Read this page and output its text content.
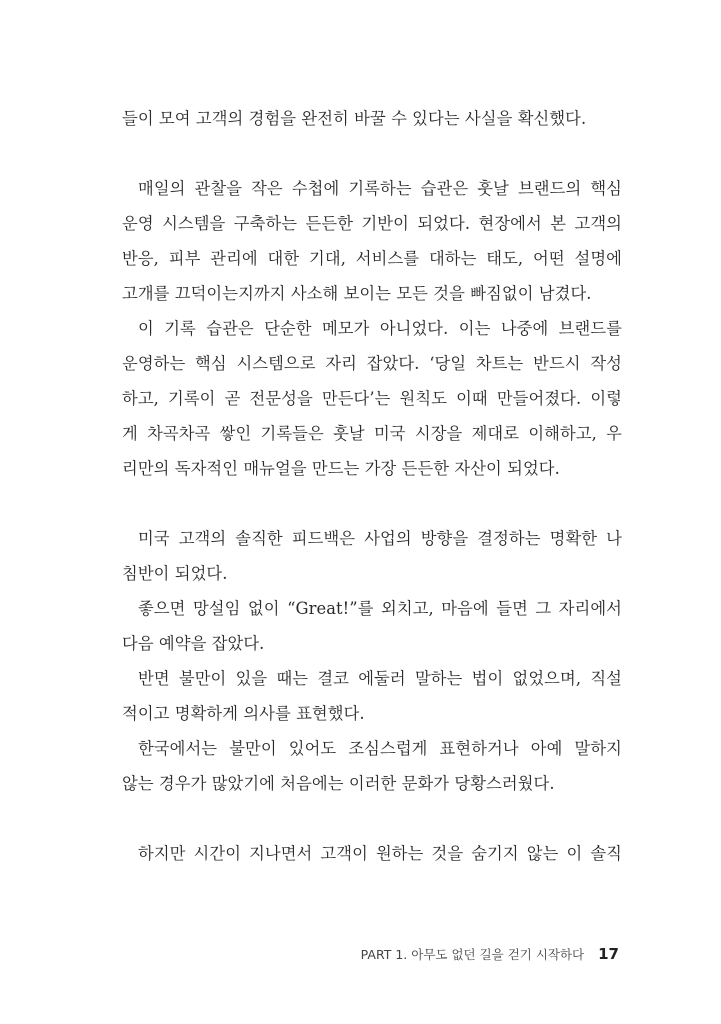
들이 모여 고객의 경험을 완전히 바꿀 수 있다는 사실을 확신했다.
매일의 관찰을 작은 수첩에 기록하는 습관은 훗날 브랜드의 핵심
운영 시스템을 구축하는 든든한 기반이 되었다. 현장에서 본 고객의
반응, 피부 관리에 대한 기대, 서비스를 대하는 태도, 어떤 설명에
고개를 끄덕이는지까지 사소해 보이는 모든 것을 빠짐없이 남겼다.
이 기록 습관은 단순한 메모가 아니었다. 이는 나중에 브랜드를
운영하는 핵심 시스템으로 자리 잡았다. ‘당일 차트는 반드시 작성
하고, 기록이 곧 전문성을 만든다’는 원칙도 이때 만들어졌다. 이렇
게 차곡차곡 쌓인 기록들은 훗날 미국 시장을 제대로 이해하고, 우
리만의 독자적인 매뉴얼을 만드는 가장 든든한 자산이 되었다.
미국 고객의 솔직한 피드백은 사업의 방향을 결정하는 명확한 나
침반이 되었다.
좋으면 망설임 없이 “Great!”를 외치고, 마음에 들면 그 자리에서
다음 예약을 잡았다.
반면 불만이 있을 때는 결코 에둘러 말하는 법이 없었으며, 직설
적이고 명확하게 의사를 표현했다.
한국에서는 불만이 있어도 조심스럽게 표현하거나 아예 말하지
않는 경우가 많았기에 처음에는 이러한 문화가 당황스러웠다.
하지만 시간이 지나면서 고객이 원하는 것을 숨기지 않는 이 솔직
PART 1. 아무도 없던 길을 걷기 시작하다 17
